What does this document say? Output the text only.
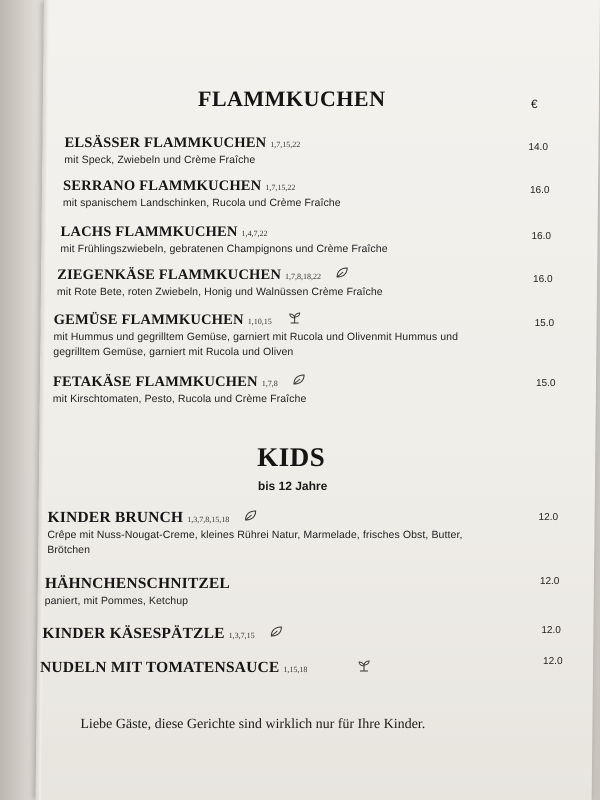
FLAMMKUCHEN	€
ELSÄSSER FLAMMKUCHEN 1,7,15,22
mit Speck, Zwiebeln und Crème Fraîche
14.0
SERRANO FLAMMKUCHEN 1,7,15,22
mit spanischem Landschinken, Rucola und Crème Fraîche
16.0
LACHS FLAMMKUCHEN 1,4,7,22
mit Frühlingszwiebeln, gebratenen Champignons und Crème Fraîche
16.0
ZIEGENKÄSE FLAMMKUCHEN 1,7,8,18,22
mit Rote Bete, roten Zwiebeln, Honig und Walnüssen Crème Fraîche
16.0
GEMÜSE FLAMMKUCHEN 1,10,15
mit Hummus und gegrilltem Gemüse, garniert mit Rucola und Olivenmit Hummus und gegrilltem Gemüse, garniert mit Rucola und Oliven
15.0
FETAKÄSE FLAMMKUCHEN 1,7,8
mit Kirschtomaten, Pesto, Rucola und Crème Fraîche
15.0
KIDS
bis 12 Jahre
KINDER BRUNCH 1,3,7,8,15,18
Crêpe mit Nuss-Nougat-Creme, kleines Rührei Natur, Marmelade, frisches Obst, Butter, Brötchen
12.0
HÄHNCHENSCHNITZEL
paniert, mit Pommes, Ketchup
12.0
KINDER KÄSESPÄTZLE 1,3,7,15	12.0
NUDELN MIT TOMATENSAUCE 1,15,18
12.0
Liebe Gäste, diese Gerichte sind wirklich nur für Ihre Kinder.
